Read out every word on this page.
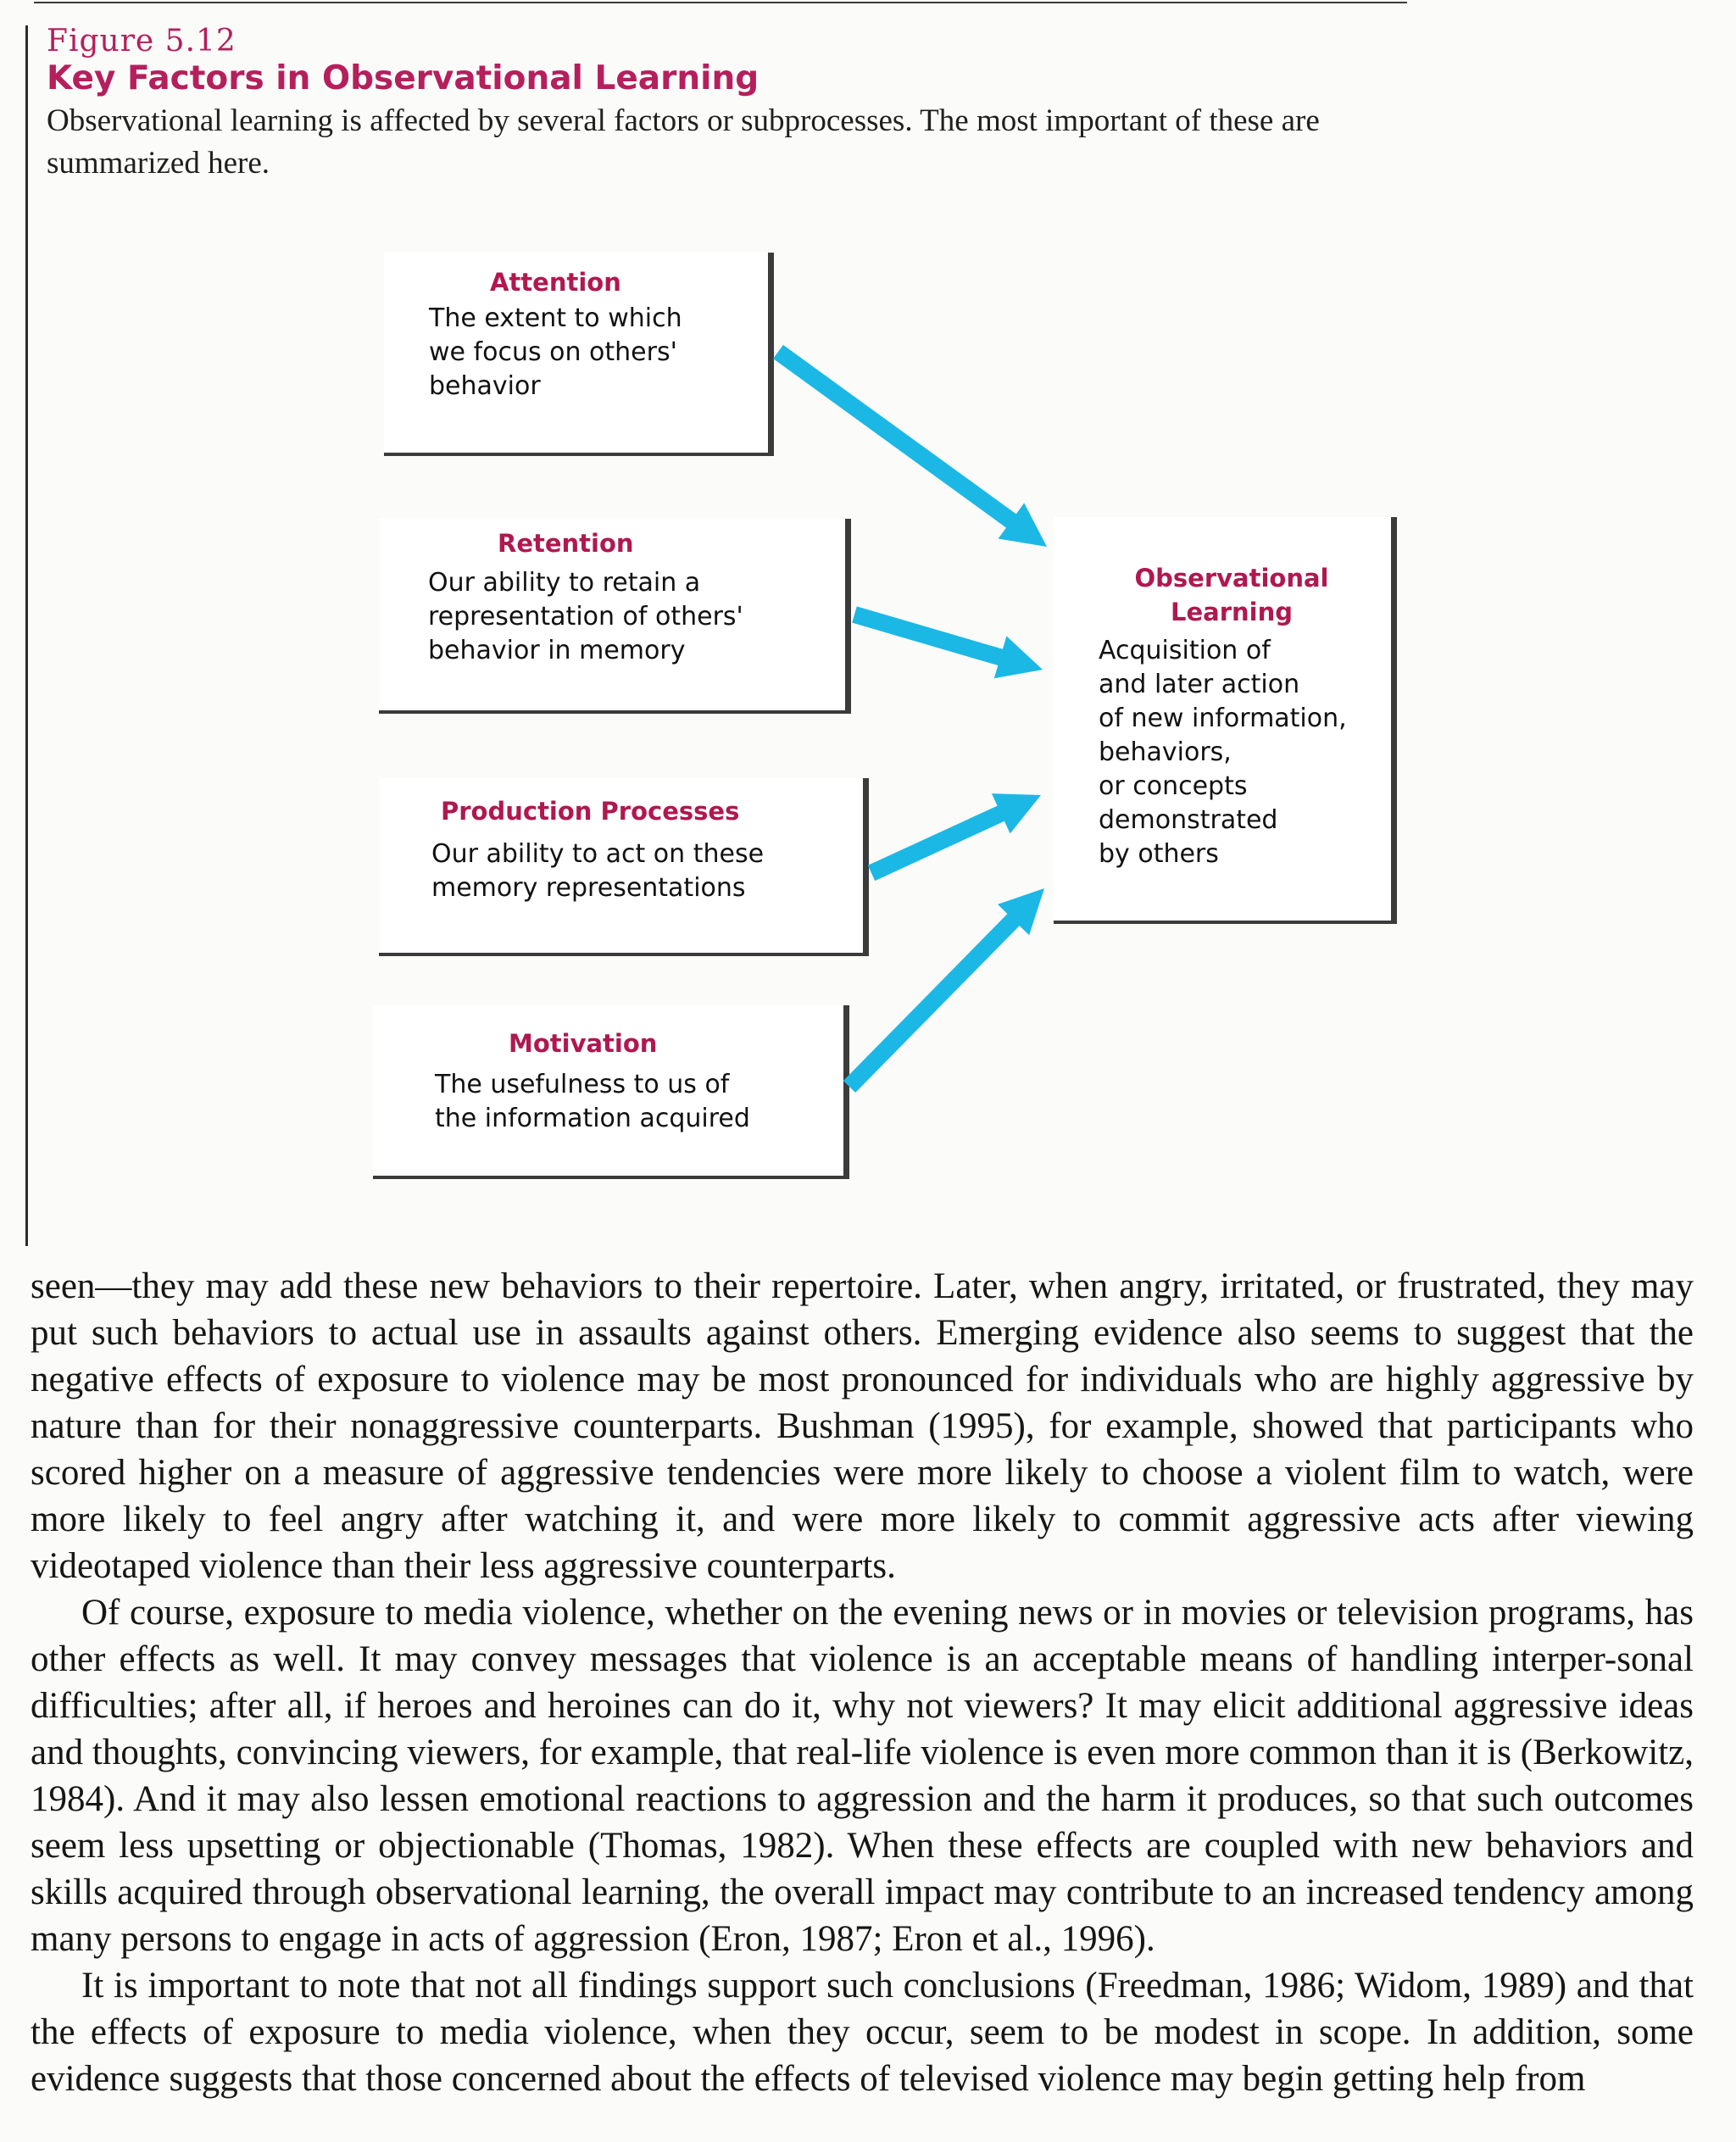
Figure 5.12
Key Factors in Observational Learning
Observational learning is affected by several factors or subprocesses. The most important of these are summarized here.
Attention
The extent to which
we focus on others'
behavior
Retention
Our ability to retain a
representation of others'
behavior in memory
Production Processes
Our ability to act on these
memory representations
Motivation
The usefulness to us of
the information acquired
Observational
Learning
Acquisition of
and later action
of new information,
behaviors,
or concepts
demonstrated
by others

seen—they may add these new behaviors to their repertoire. Later, when angry, irritated, or frustrated, they may put such behaviors to actual use in assaults against others. Emerging evidence also seems to suggest that the negative effects of exposure to violence may be most pronounced for individuals who are highly aggressive by nature than for their nonaggressive counterparts. Bushman (1995), for example, showed that participants who scored higher on a measure of aggressive tendencies were more likely to choose a violent film to watch, were more likely to feel angry after watching it, and were more likely to commit aggressive acts after viewing videotaped violence than their less aggressive counterparts.

Of course, exposure to media violence, whether on the evening news or in movies or television programs, has other effects as well. It may convey messages that violence is an acceptable means of handling interper-sonal difficulties; after all, if heroes and heroines can do it, why not viewers? It may elicit additional aggressive ideas and thoughts, convincing viewers, for example, that real-life violence is even more common than it is (Berkowitz, 1984). And it may also lessen emotional reactions to aggression and the harm it produces, so that such outcomes seem less upsetting or objectionable (Thomas, 1982). When these effects are coupled with new behaviors and skills acquired through observational learning, the overall impact may contribute to an increased tendency among many persons to engage in acts of aggression (Eron, 1987; Eron et al., 1996).

It is important to note that not all findings support such conclusions (Freedman, 1986; Widom, 1989) and that the effects of exposure to media violence, when they occur, seem to be modest in scope. In addition, some evidence suggests that those concerned about the effects of televised violence may begin getting help from
